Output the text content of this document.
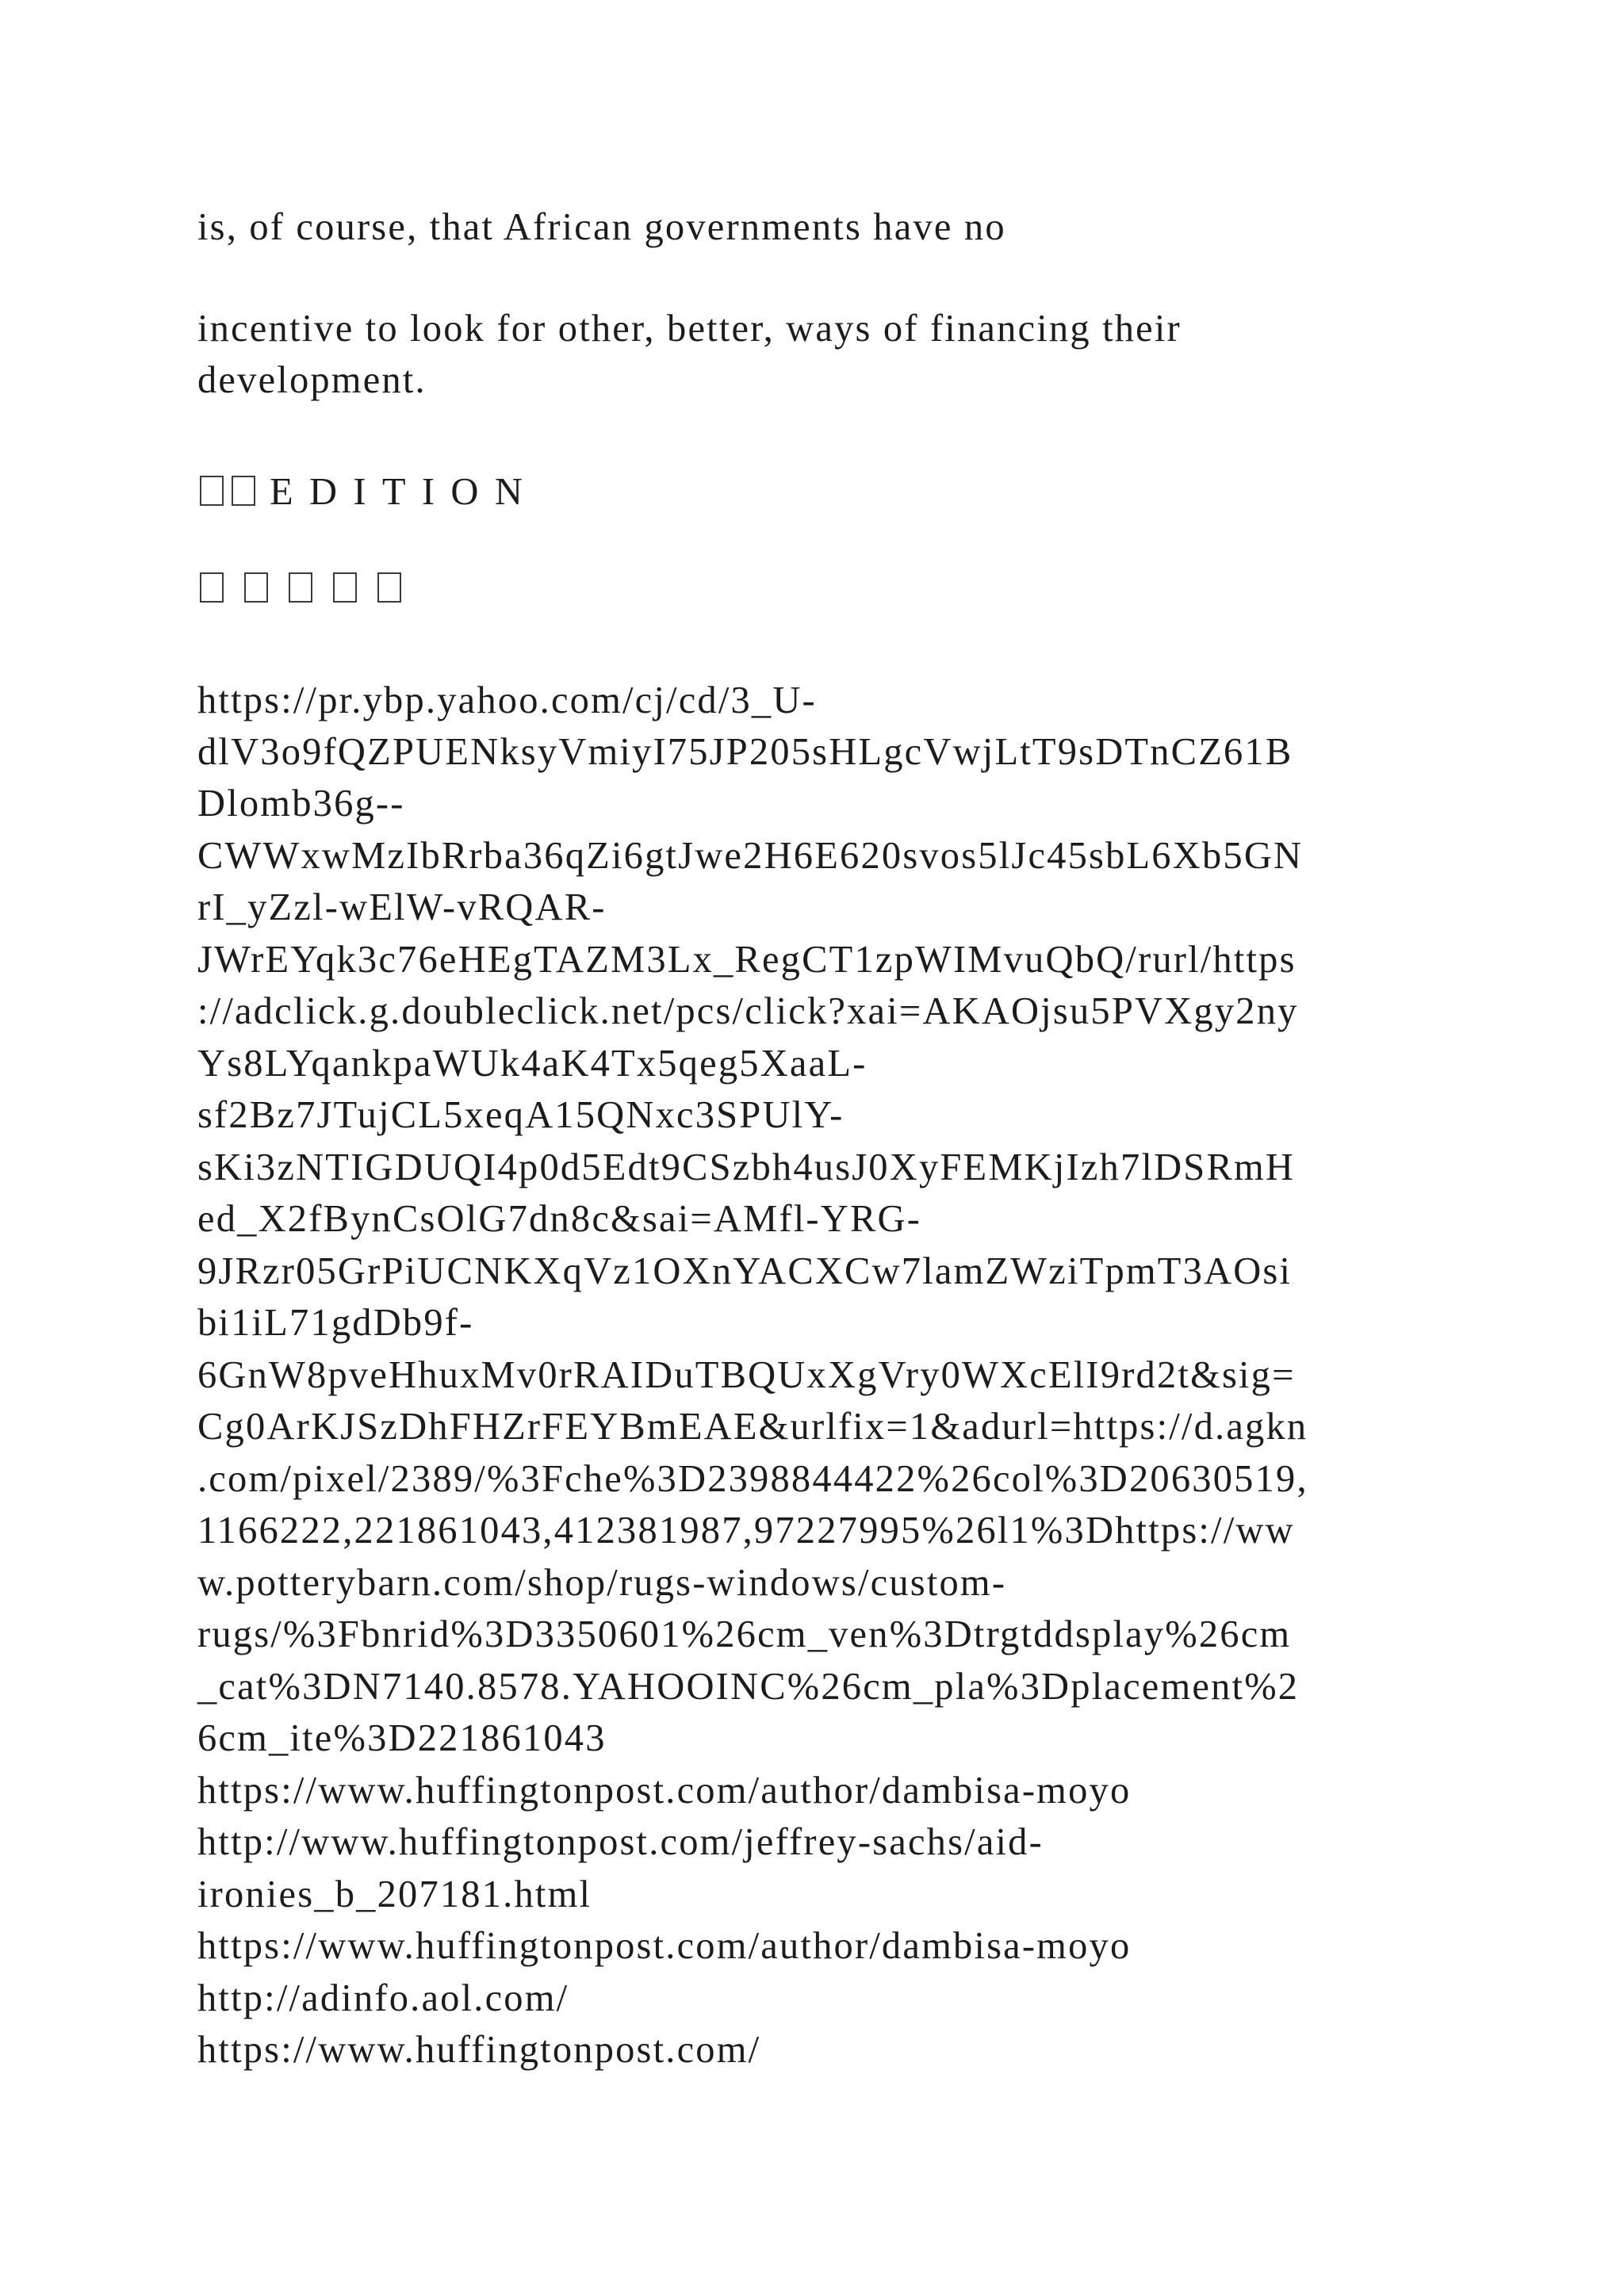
is, of course, that African governments have no
incentive to look for other, better, ways of financing their
development.
EDITION
https://pr.ybp.yahoo.com/cj/cd/3_U-
dlV3o9fQZPUENksyVmiyI75JP205sHLgcVwjLtT9sDTnCZ61B
Dlomb36g--
CWWxwMzIbRrba36qZi6gtJwe2H6E620svos5lJc45sbL6Xb5GN
rI_yZzl-wElW-vRQAR-
JWrEYqk3c76eHEgTAZM3Lx_RegCT1zpWIMvuQbQ/rurl/https
://adclick.g.doubleclick.net/pcs/click?xai=AKAOjsu5PVXgy2ny
Ys8LYqankpaWUk4aK4Tx5qeg5XaaL-
sf2Bz7JTujCL5xeqA15QNxc3SPUlY-
sKi3zNTIGDUQI4p0d5Edt9CSzbh4usJ0XyFEMKjIzh7lDSRmH
ed_X2fBynCsOlG7dn8c&sai=AMfl-YRG-
9JRzr05GrPiUCNKXqVz1OXnYACXCw7lamZWziTpmT3AOsi
bi1iL71gdDb9f-
6GnW8pveHhuxMv0rRAIDuTBQUxXgVry0WXcElI9rd2t&sig=
Cg0ArKJSzDhFHZrFEYBmEAE&urlfix=1&adurl=https://d.agkn
.com/pixel/2389/%3Fche%3D2398844422%26col%3D20630519,
1166222,221861043,412381987,97227995%26l1%3Dhttps://ww
w.potterybarn.com/shop/rugs-windows/custom-
rugs/%3Fbnrid%3D3350601%26cm_ven%3Dtrgtddsplay%26cm
_cat%3DN7140.8578.YAHOOINC%26cm_pla%3Dplacement%2
6cm_ite%3D221861043
https://www.huffingtonpost.com/author/dambisa-moyo
http://www.huffingtonpost.com/jeffrey-sachs/aid-
ironies_b_207181.html
https://www.huffingtonpost.com/author/dambisa-moyo
http://adinfo.aol.com/
https://www.huffingtonpost.com/
